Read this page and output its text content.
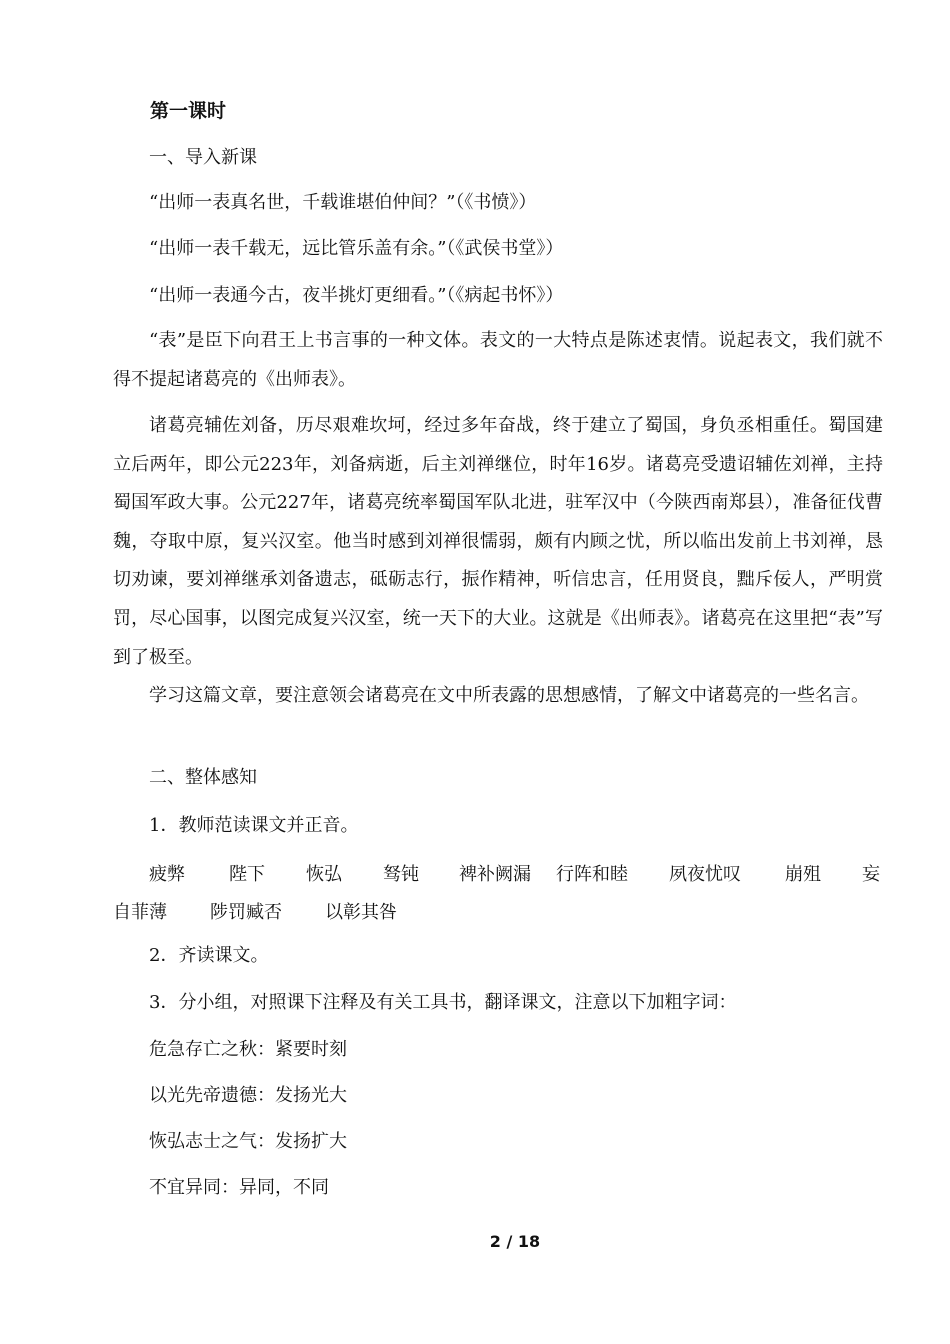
第一课时
一、导入新课
“出师一表真名世，千载谁堪伯仲间？”（《书愤》）
“出师一表千载无，远比管乐盖有余。”（《武侯书堂》）
“出师一表通今古，夜半挑灯更细看。”（《病起书怀》）
“表”是臣下向君王上书言事的一种文体。表文的一大特点是陈述衷情。说起表文，我们就不得不提起诸葛亮的《出师表》。
诸葛亮辅佐刘备，历尽艰难坎坷，经过多年奋战，终于建立了蜀国，身负丞相重任。蜀国建立后两年，即公元223年，刘备病逝，后主刘禅继位，时年16岁。诸葛亮受遗诏辅佐刘禅，主持蜀国军政大事。公元227年，诸葛亮统率蜀国军队北进，驻军汉中（今陕西南郑县），准备征伐曹魏，夺取中原，复兴汉室。他当时感到刘禅很懦弱，颇有内顾之忧，所以临出发前上书刘禅，恳切劝谏，要刘禅继承刘备遗志，砥砺志行，振作精神，听信忠言，任用贤良，黜斥佞人，严明赏罚，尽心国事，以图完成复兴汉室，统一天下的大业。这就是《出师表》。诸葛亮在这里把“表”写到了极至。
学习这篇文章，要注意领会诸葛亮在文中所表露的思想感情，了解文中诸葛亮的一些名言。
二、整体感知
1．教师范读课文并正音。
疲弊 陛下 恢弘 驽钝 裨补阙漏 行阵和睦 夙夜忧叹 崩殂 妄
自菲薄 陟罚臧否 以彰其咎
2．齐读课文。
3．分小组，对照课下注释及有关工具书，翻译课文，注意以下加粗字词：
危急存亡之秋：紧要时刻
以光先帝遗德：发扬光大
恢弘志士之气：发扬扩大
不宜异同：异同，不同
2 / 18
